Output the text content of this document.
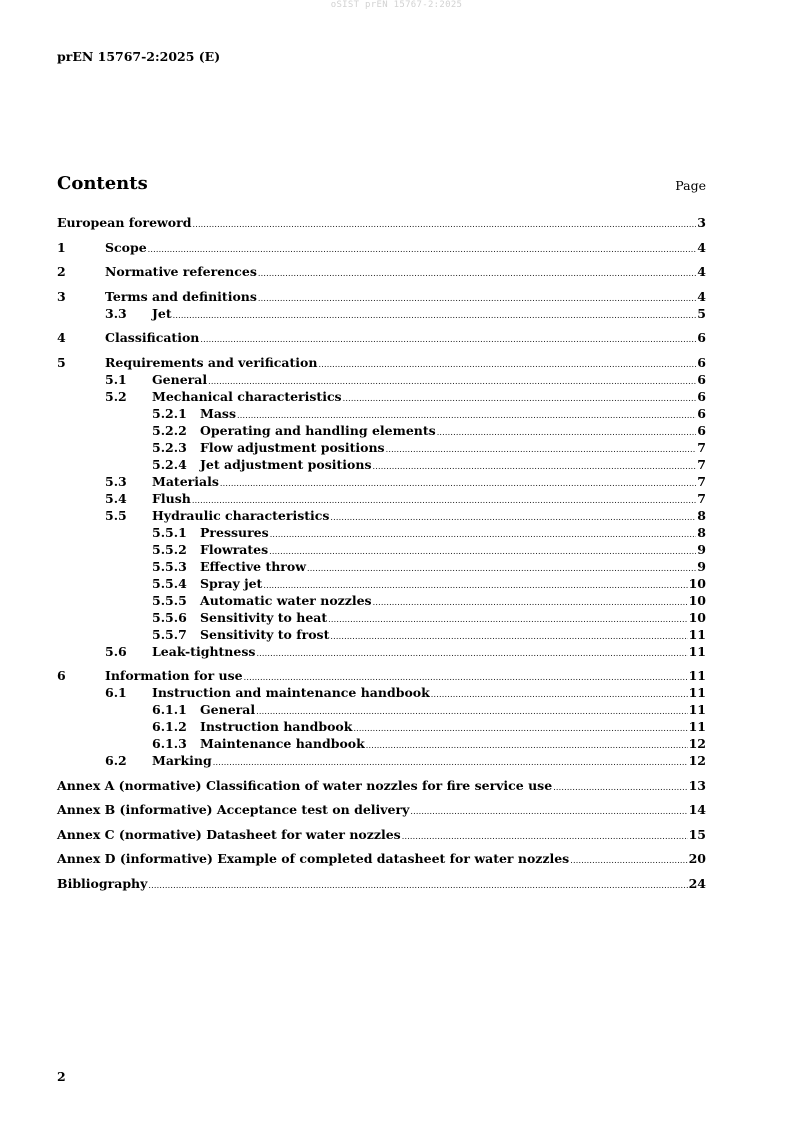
oSIST prEN 15767-2:2025
prEN 15767-2:2025 (E)
Contents	Page
European foreword .....	3
1	Scope .....	4
2	Normative references .....	4
3	Terms and definitions .....	4
3.3 Jet .....	5
4	Classification .....	6
5	Requirements and verification .....	6
5.1 General .....	6
5.2 Mechanical characteristics .....	6
5.2.1 Mass .....	6
5.2.2 Operating and handling elements .....	6
5.2.3 Flow adjustment positions .....	7
5.2.4 Jet adjustment positions .....	7
5.3 Materials .....	7
5.4 Flush .....	7
5.5 Hydraulic characteristics .....	8
5.5.1 Pressures .....	8
5.5.2 Flowrates .....	9
5.5.3 Effective throw .....	9
5.5.4 Spray jet .....	10
5.5.5 Automatic water nozzles .....	10
5.5.6 Sensitivity to heat .....	10
5.5.7 Sensitivity to frost .....	11
5.6 Leak-tightness .....	11
6	Information for use .....	11
6.1 Instruction and maintenance handbook .....	11
6.1.1 General .....	11
6.1.2 Instruction handbook .....	11
6.1.3 Maintenance handbook .....	12
6.2 Marking .....	12
Annex A (normative) Classification of water nozzles for fire service use .....	13
Annex B (informative) Acceptance test on delivery .....	14
Annex C (normative) Datasheet for water nozzles .....	15
Annex D (informative) Example of completed datasheet for water nozzles .....	20
Bibliography .....	24
2
